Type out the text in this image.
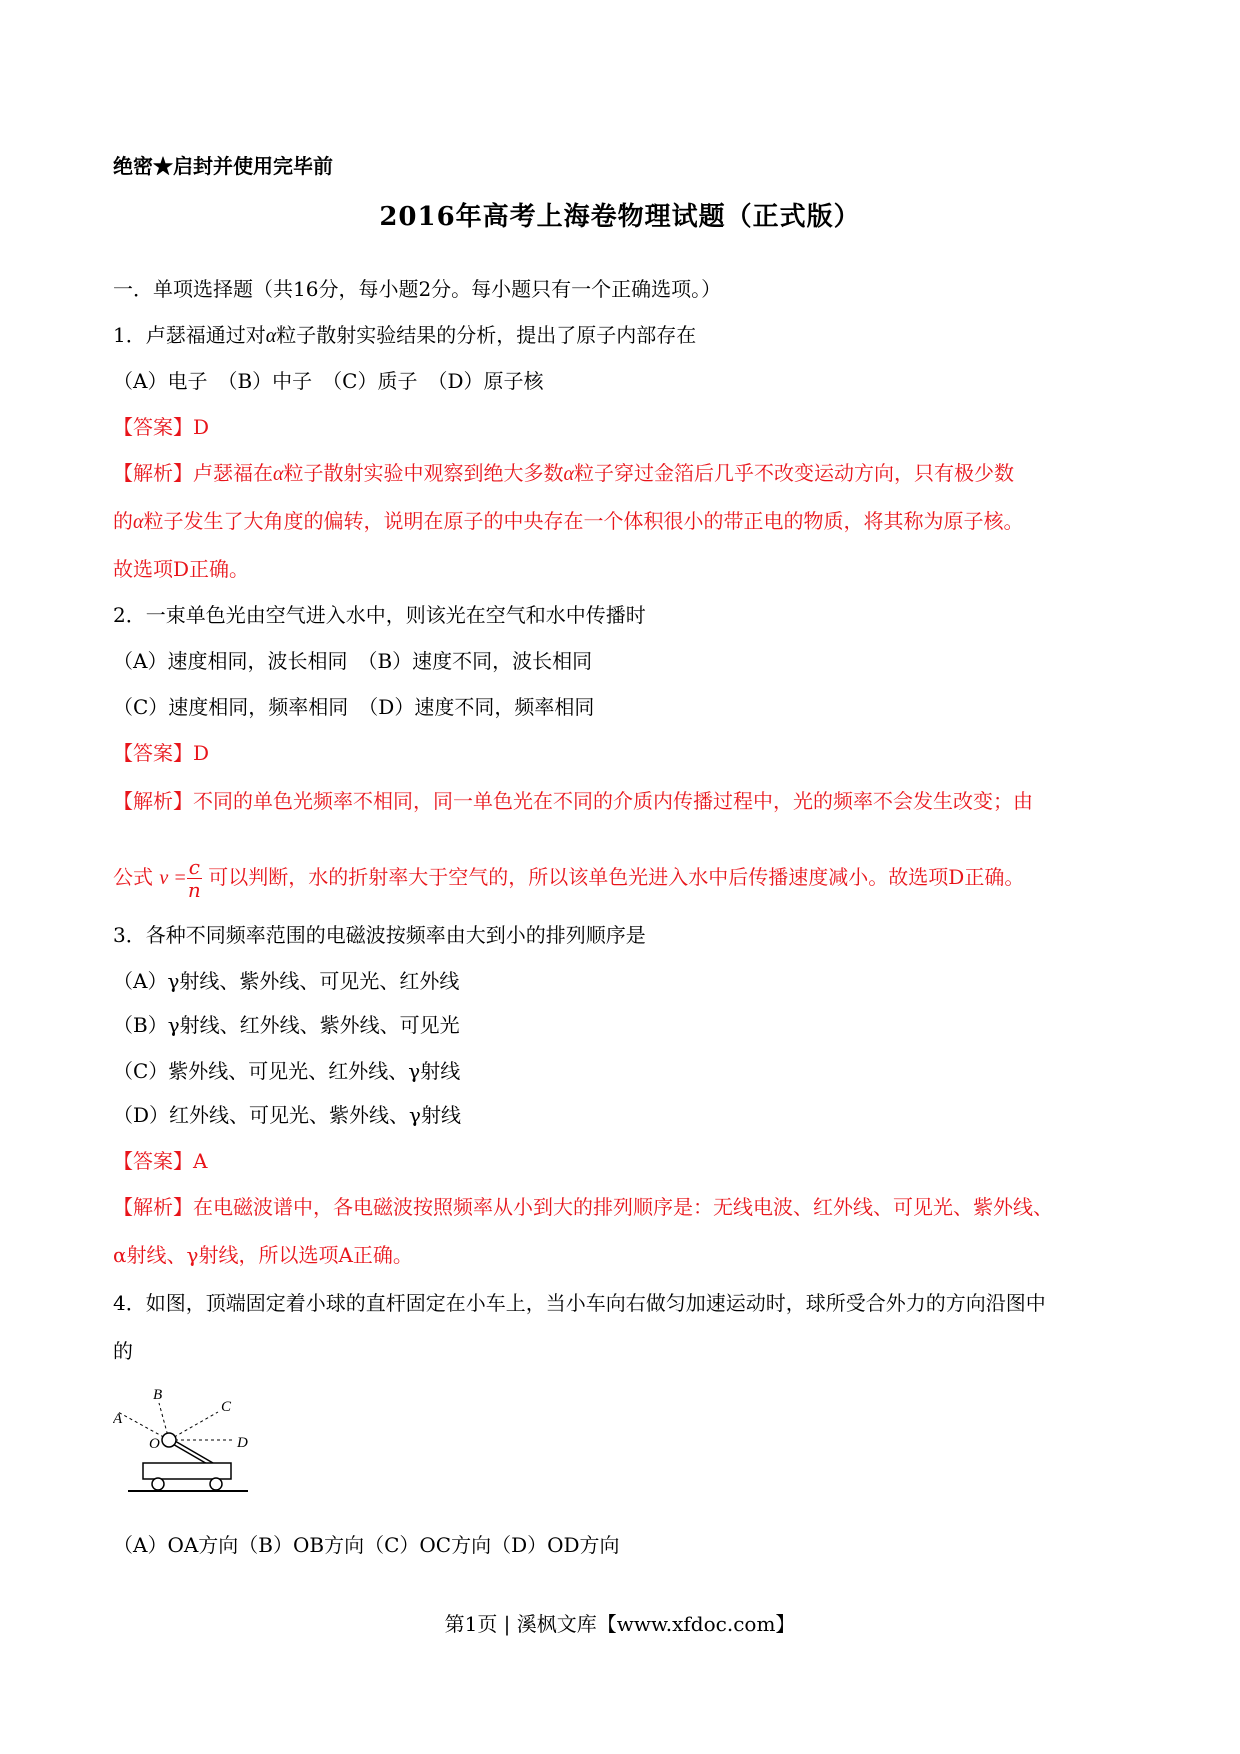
绝密★启封并使用完毕前
2016年高考上海卷物理试题（正式版）
一．单项选择题（共16分，每小题2分。每小题只有一个正确选项。）
1．卢瑟福通过对α粒子散射实验结果的分析，提出了原子内部存在
（A）电子　（B）中子　（C）质子　（D）原子核
【答案】D
【解析】卢瑟福在α粒子散射实验中观察到绝大多数α粒子穿过金箔后几乎不改变运动方向，只有极少数
的α粒子发生了大角度的偏转，说明在原子的中央存在一个体积很小的带正电的物质，将其称为原子核。
故选项D正确。
2．一束单色光由空气进入水中，则该光在空气和水中传播时
（A）速度相同，波长相同　（B）速度不同，波长相同
（C）速度相同，频率相同　（D）速度不同，频率相同
【答案】D
【解析】不同的单色光频率不相同，同一单色光在不同的介质内传播过程中，光的频率不会发生改变；由
公式 $v = \frac{c}{n}$ 可以判断，水的折射率大于空气的，所以该单色光进入水中后传播速度减小。故选项D正确。
3．各种不同频率范围的电磁波按频率由大到小的排列顺序是
（A）γ射线、紫外线、可见光、红外线
（B）γ射线、红外线、紫外线、可见光
（C）紫外线、可见光、红外线、γ射线
（D）红外线、可见光、紫外线、γ射线
【答案】A
【解析】在电磁波谱中，各电磁波按照频率从小到大的排列顺序是：无线电波、红外线、可见光、紫外线、
α射线、γ射线，所以选项A正确。
4．如图，顶端固定着小球的直杆固定在小车上，当小车向右做匀加速运动时，球所受合外力的方向沿图中
的
A
B
C
D
O
（A）OA方向（B）OB方向（C）OC方向（D）OD方向
第1页 | 溪枫文库【www.xfdoc.com】
